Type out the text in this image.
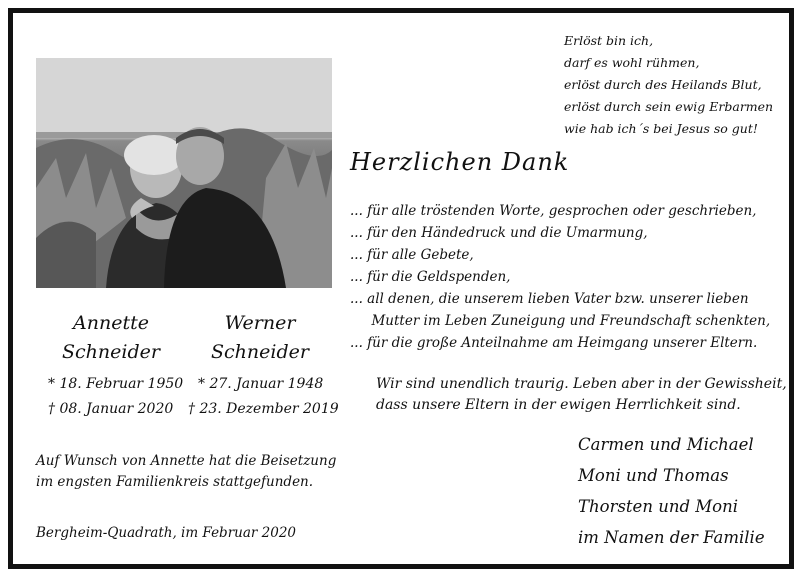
Erlöst bin ich,
darf es wohl rühmen,
erlöst durch des Heilands Blut,
erlöst durch sein ewig Erbarmen
wie hab ich´s bei Jesus so gut!
Herzlichen Dank
... für alle tröstenden Worte, gesprochen oder geschrieben,
... für den Händedruck und die Umarmung,
... für alle Gebete,
... für die Geldspenden,
... all denen, die unserem lieben Vater bzw. unserer lieben
Mutter im Leben Zuneigung und Freundschaft schenkten,
... für die große Anteilnahme am Heimgang unserer Eltern.
Annette
Schneider
Werner
Schneider
* 18. Februar 1950
† 08. Januar 2020
* 27. Januar 1948
† 23. Dezember 2019
Wir sind unendlich traurig. Leben aber in der Gewissheit,
dass unsere Eltern in der ewigen Herrlichkeit sind.
Auf Wunsch von Annette hat die Beisetzung
im engsten Familienkreis stattgefunden.
Bergheim-Quadrath, im Februar 2020
Carmen und Michael
Moni und Thomas
Thorsten und Moni
im Namen der Familie
